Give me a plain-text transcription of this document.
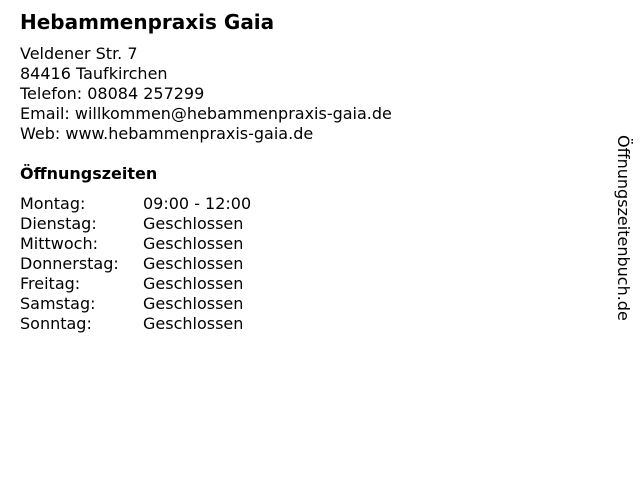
Hebammenpraxis Gaia
Veldener Str. 7
84416 Taufkirchen
Telefon: 08084 257299
Email: willkommen@hebammenpraxis-gaia.de
Web: www.hebammenpraxis-gaia.de
Öffnungszeiten
Montag:	09:00 - 12:00
Dienstag:	Geschlossen
Mittwoch:	Geschlossen
Donnerstag: Geschlossen
Freitag:	Geschlossen
Samstag:	Geschlossen
Sonntag:	Geschlossen
Öffnungszeitenbuch.de
